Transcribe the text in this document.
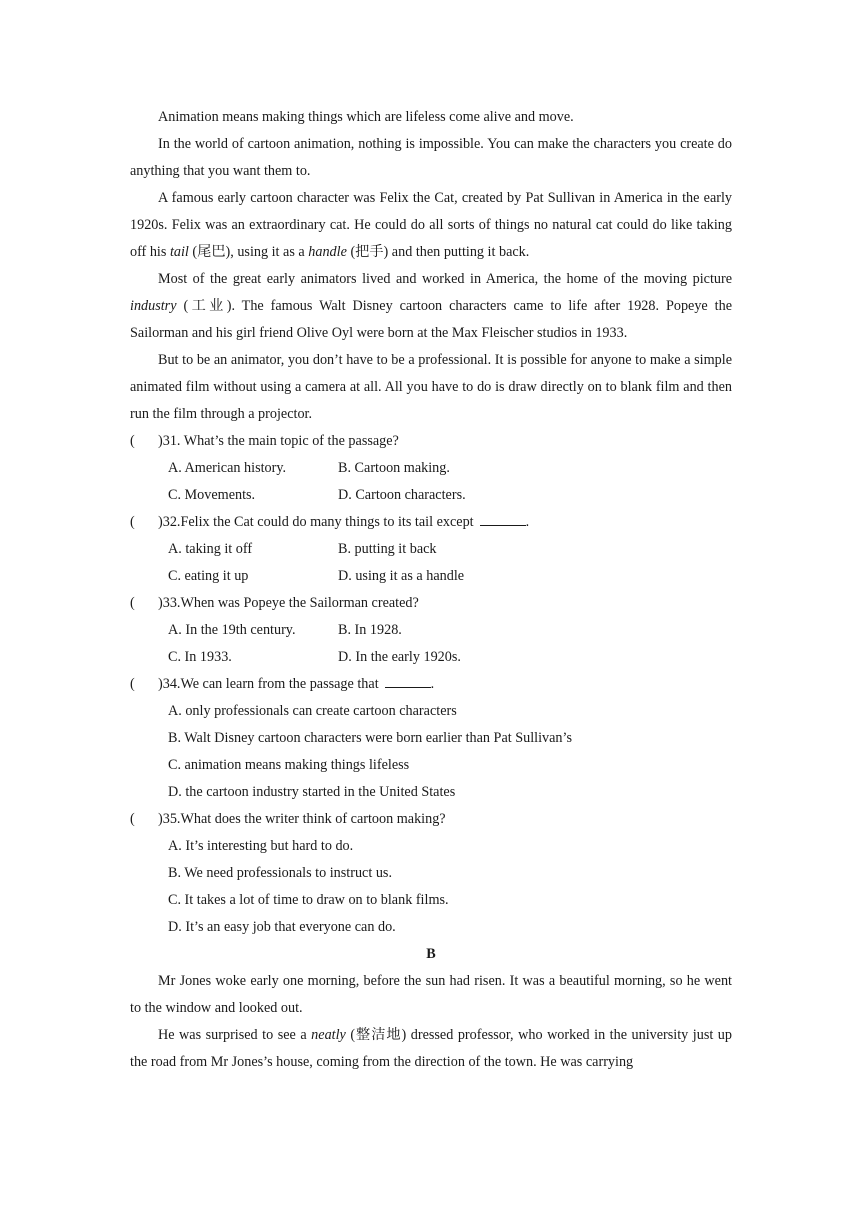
Animation means making things which are lifeless come alive and move.

In the world of cartoon animation, nothing is impossible. You can make the characters you create do anything that you want them to.

A famous early cartoon character was Felix the Cat, created by Pat Sullivan in America in the early 1920s. Felix was an extraordinary cat. He could do all sorts of things no natural cat could do like taking off his tail (尾巴), using it as a handle (把手) and then putting it back.

Most of the great early animators lived and worked in America, the home of the moving picture industry (工业). The famous Walt Disney cartoon characters came to life after 1928. Popeye the Sailorman and his girl friend Olive Oyl were born at the Max Fleischer studios in 1933.

But to be an animator, you don’t have to be a professional. It is possible for anyone to make a simple animated film without using a camera at all. All you have to do is draw directly on to blank film and then run the film through a projector.

( )31. What’s the main topic of the passage?

A. American history.	B. Cartoon making.
C. Movements.	D. Cartoon characters.

( )32.Felix the Cat could do many things to its tail except	.

A. taking it off	B. putting it back
C. eating it up	D. using it as a handle

( )33.When was Popeye the Sailorman created?

A. In the 19th century.	B. In 1928.
C. In 1933.	D. In the early 1920s.

( )34.We can learn from the passage that	.

A. only professionals can create cartoon characters

B. Walt Disney cartoon characters were born earlier than Pat Sullivan’s

C. animation means making things lifeless

D. the cartoon industry started in the United States

( )35.What does the writer think of cartoon making?

A. It’s interesting but hard to do.

B. We need professionals to instruct us.

C. It takes a lot of time to draw on to blank films.

D. It’s an easy job that everyone can do.

B

Mr Jones woke early one morning, before the sun had risen. It was a beautiful morning, so he went to the window and looked out.

He was surprised to see a neatly (整洁地) dressed professor, who worked in the university just up the road from Mr Jones’s house, coming from the direction of the town. He was carrying
